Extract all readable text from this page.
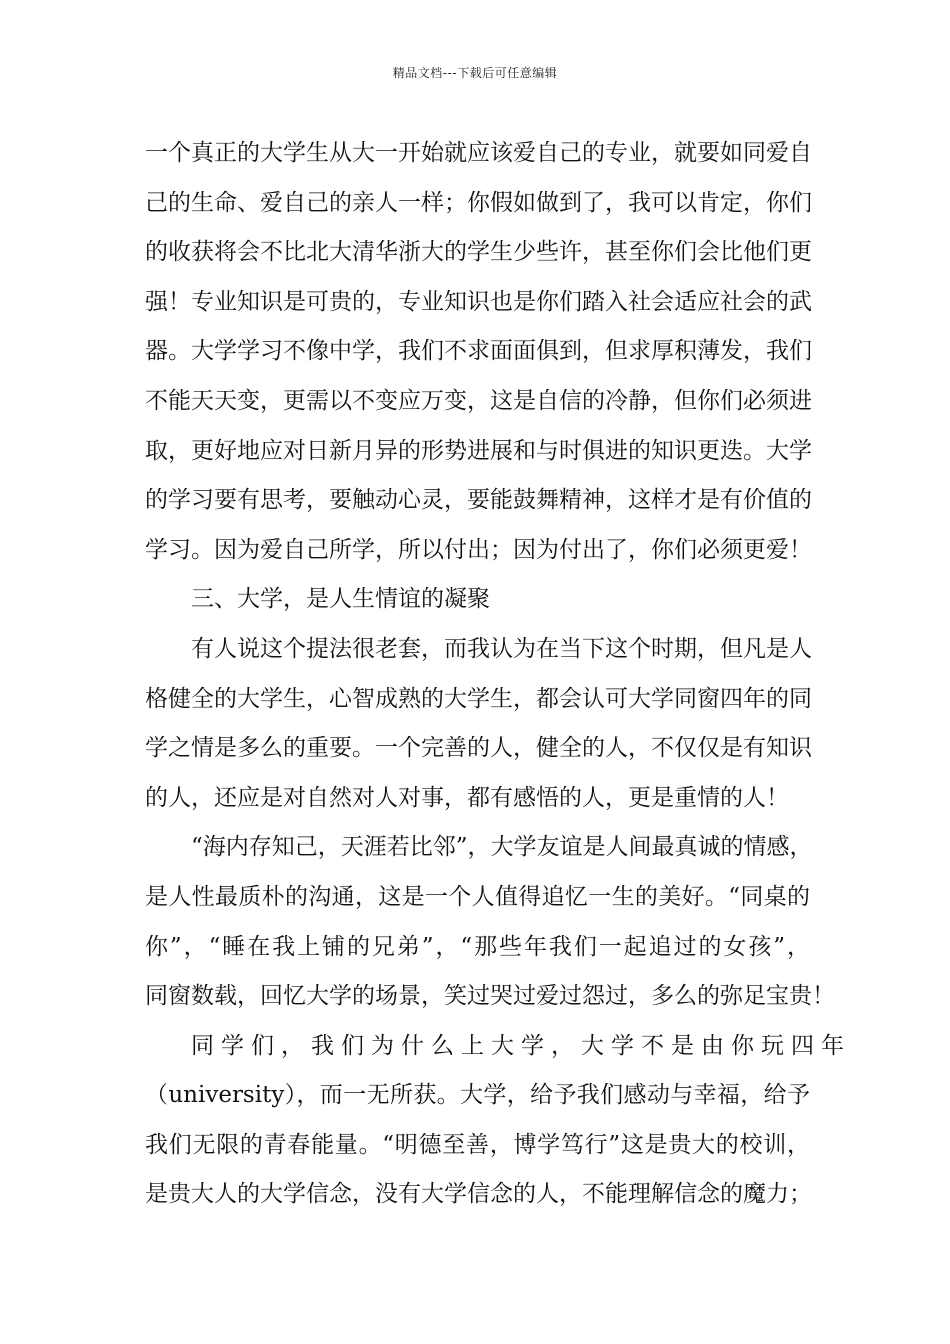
精品文档---下载后可任意编辑
一个真正的大学生从大一开始就应该爱自己的专业，就要如同爱自
己的生命、爱自己的亲人一样；你假如做到了，我可以肯定，你们
的收获将会不比北大清华浙大的学生少些许，甚至你们会比他们更
强！专业知识是可贵的，专业知识也是你们踏入社会适应社会的武
器。大学学习不像中学，我们不求面面俱到，但求厚积薄发，我们
不能天天变，更需以不变应万变，这是自信的冷静，但你们必须进
取，更好地应对日新月异的形势进展和与时俱进的知识更迭。大学
的学习要有思考，要触动心灵，要能鼓舞精神，这样才是有价值的
学习。因为爱自己所学，所以付出；因为付出了，你们必须更爱！
三、大学，是人生情谊的凝聚
有人说这个提法很老套，而我认为在当下这个时期，但凡是人
格健全的大学生，心智成熟的大学生，都会认可大学同窗四年的同
学之情是多么的重要。一个完善的人，健全的人，不仅仅是有知识
的人，还应是对自然对人对事，都有感悟的人，更是重情的人！
“海内存知己，天涯若比邻”，大学友谊是人间最真诚的情感，
是人性最质朴的沟通，这是一个人值得追忆一生的美好。“同桌的
你”，“睡在我上铺的兄弟”，“那些年我们一起追过的女孩”，
同窗数载，回忆大学的场景，笑过哭过爱过怨过，多么的弥足宝贵！
同学们，我们为什么上大学，大学不是由你玩四年
（university），而一无所获。大学，给予我们感动与幸福，给予
我们无限的青春能量。“明德至善，博学笃行”这是贵大的校训，
是贵大人的大学信念，没有大学信念的人，不能理解信念的魔力；
